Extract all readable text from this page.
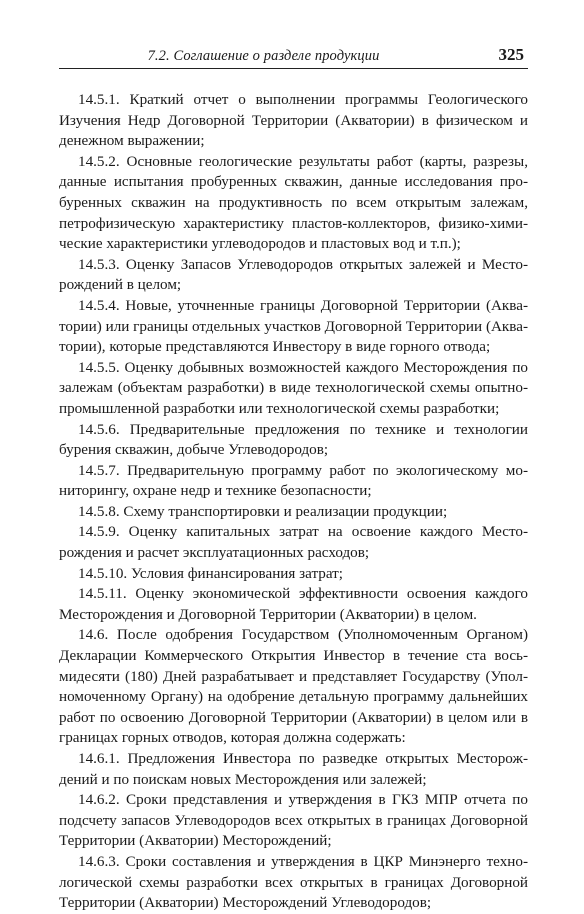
7.2. Соглашение о разделе продукции	325

14.5.1. Краткий отчет о выполнении программы Геологического Изучения Недр Договорной Территории (Акватории) в физическом и денежном выражении;

14.5.2. Основные геологические результаты работ (карты, разрезы, данные испытания пробуренных скважин, данные исследования пробуренных скважин на продуктивность по всем открытым залежам, петрофизическую характеристику пластов-коллекторов, физико-химические характеристики углеводородов и пластовых вод и т.п.);

14.5.3. Оценку Запасов Углеводородов открытых залежей и Месторождений в целом;

14.5.4. Новые, уточненные границы Договорной Территории (Акватории) или границы отдельных участков Договорной Территории (Акватории), которые представляются Инвестору в виде горного отвода;

14.5.5. Оценку добывных возможностей каждого Месторождения по залежам (объектам разработки) в виде технологической схемы опытно-промышленной разработки или технологической схемы разработки;

14.5.6. Предварительные предложения по технике и технологии бурения скважин, добыче Углеводородов;

14.5.7. Предварительную программу работ по экологическому мониторингу, охране недр и технике безопасности;

14.5.8. Схему транспортировки и реализации продукции;

14.5.9. Оценку капитальных затрат на освоение каждого Месторождения и расчет эксплуатационных расходов;

14.5.10. Условия финансирования затрат;

14.5.11. Оценку экономической эффективности освоения каждого Месторождения и Договорной Территории (Акватории) в целом.

14.6. После одобрения Государством (Уполномоченным Органом) Декларации Коммерческого Открытия Инвестор в течение ста восьмидесяти (180) Дней разрабатывает и представляет Государству (Уполномоченному Органу) на одобрение детальную программу дальнейших работ по освоению Договорной Территории (Акватории) в целом или в границах горных отводов, которая должна содержать:

14.6.1. Предложения Инвестора по разведке открытых Месторождений и по поискам новых Месторождения или залежей;

14.6.2. Сроки представления и утверждения в ГКЗ МПР отчета по подсчету запасов Углеводородов всех открытых в границах Договорной Территории (Акватории) Месторождений;

14.6.3. Сроки составления и утверждения в ЦКР Минэнерго технологической схемы разработки всех открытых в границах Договорной Территории (Акватории) Месторождений Углеводородов;
